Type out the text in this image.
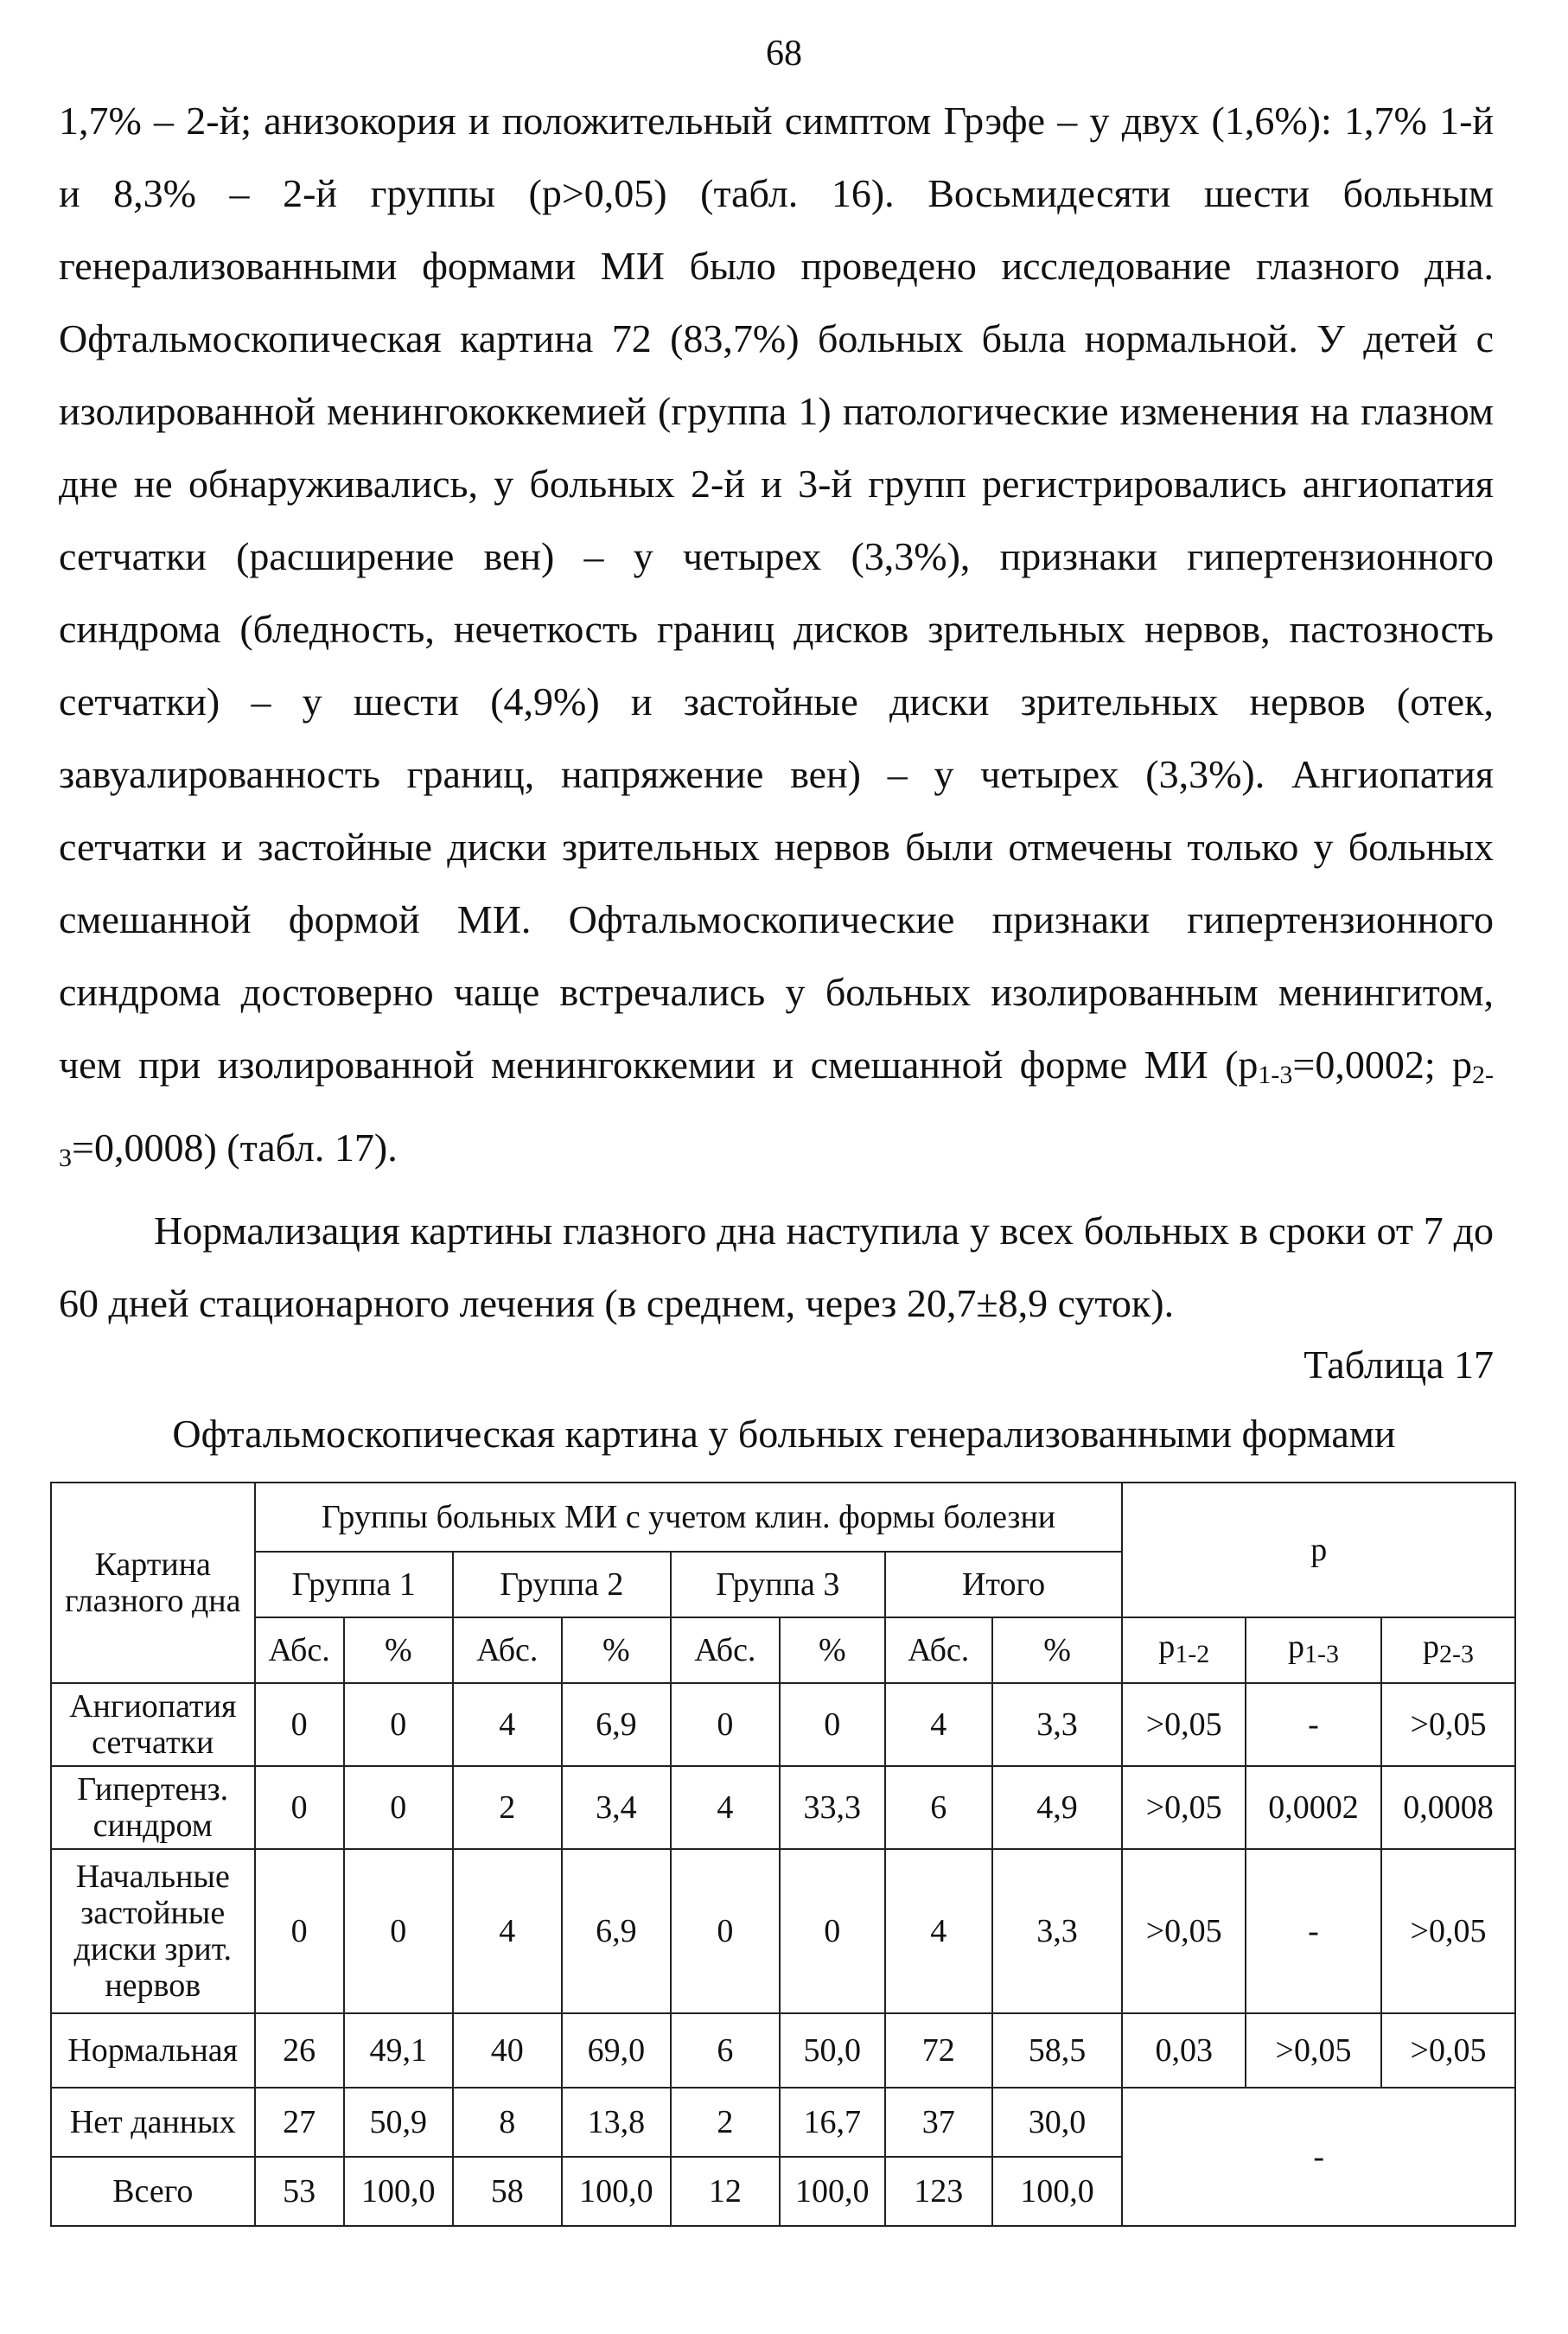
68

1,7% – 2-й; анизокория и положительный симптом Грэфе – у двух (1,6%): 1,7% 1-й и 8,3% – 2-й группы (р>0,05) (табл. 16). Восьмидесяти шести больным генерализованными формами МИ было проведено исследование глазного дна. Офтальмоскопическая картина 72 (83,7%) больных была нормальной. У детей с изолированной менингококкемией (группа 1) патологические изменения на глазном дне не обнаруживались, у больных 2-й и 3-й групп регистрировались ангиопатия сетчатки (расширение вен) – у четырех (3,3%), признаки гипертензионного синдрома (бледность, нечеткость границ дисков зрительных нервов, пастозность сетчатки) – у шести (4,9%) и застойные диски зрительных нервов (отек, завуалированность границ, напряжение вен) – у четырех (3,3%). Ангиопатия сетчатки и застойные диски зрительных нервов были отмечены только у больных смешанной формой МИ. Офтальмоскопические признаки гипертензионного синдрома достоверно чаще встречались у больных изолированным менингитом, чем при изолированной менингоккемии и смешанной форме МИ ($р_{1-3}=0,0002$; $р_{2-3}=0,0008$) (табл. 17).

Нормализация картины глазного дна наступила у всех больных в сроки от 7 до 60 дней стационарного лечения (в среднем, через 20,7±8,9 суток).

Таблица 17
Офтальмоскопическая картина у больных генерализованными формами
Картина глазного дна	Группы больных МИ с учетом клин. формы болезни								р		
	Группа 1		Группа 2		Группа 3		Итого				
	Абс.	%	Абс.	%	Абс.	%	Абс.	%	$р_{1-2}$	$р_{1-3}$	$р_{2-3}$
Ангиопатия сетчатки	0	0	4	6,9	0	0	4	3,3	>0,05	-	>0,05
Гипертенз. синдром	0	0	2	3,4	4	33,3	6	4,9	>0,05	0,0002	0,0008
Начальные застойные диски зрит. нервов	0	0	4	6,9	0	0	4	3,3	>0,05	-	>0,05
Нормальная	26	49,1	40	69,0	6	50,0	72	58,5	0,03	>0,05	>0,05
Нет данных	27	50,9	8	13,8	2	16,7	37	30,0	-		
Всего	53	100,0	58	100,0	12	100,0	123	100,0			
